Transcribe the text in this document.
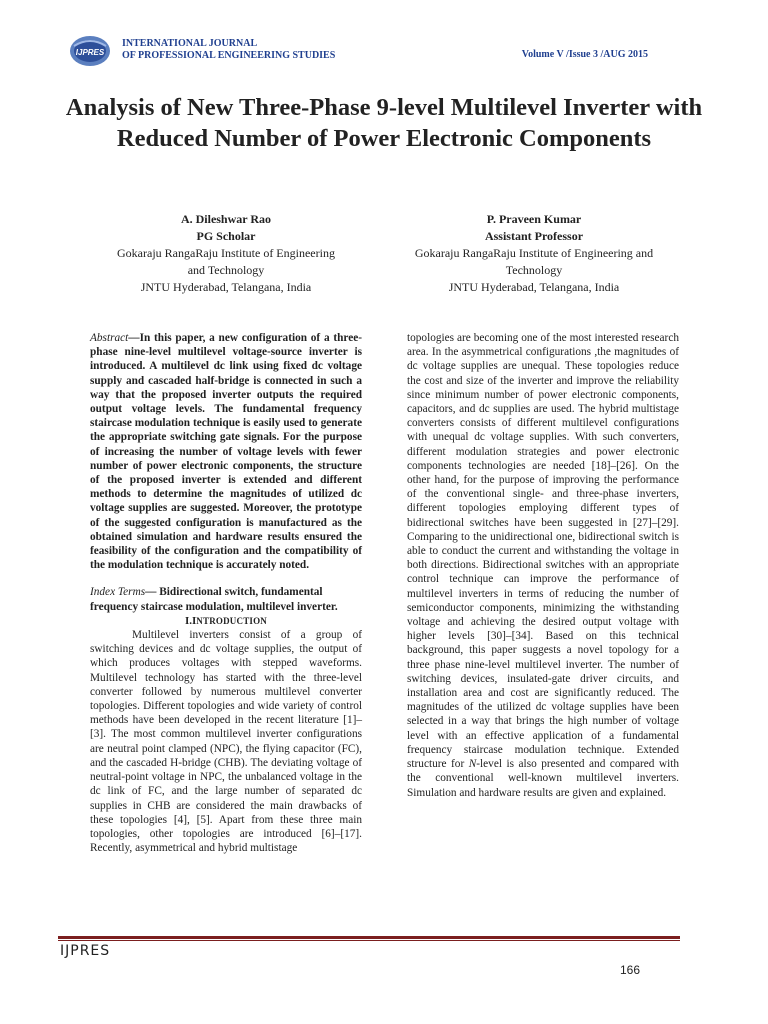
IJPRES
INTERNATIONAL JOURNAL
OF PROFESSIONAL ENGINEERING STUDIES	Volume V /Issue 3 /AUG 2015
Analysis of New Three-Phase 9-level Multilevel Inverter with Reduced Number of Power Electronic Components
A. Dileshwar Rao
PG Scholar
Gokaraju RangaRaju Institute of Engineering
and Technology
JNTU Hyderabad, Telangana, India
P. Praveen Kumar
Assistant Professor
Gokaraju RangaRaju Institute of Engineering and
Technology
JNTU Hyderabad, Telangana, India

Abstract—In this paper, a new configuration of a three-phase nine-level multilevel voltage-source inverter is introduced. A multilevel dc link using fixed dc voltage supply and cascaded half-bridge is connected in such a way that the proposed inverter outputs the required output voltage levels. The fundamental frequency staircase modulation technique is easily used to generate the appropriate switching gate signals. For the purpose of increasing the number of voltage levels with fewer number of power electronic components, the structure of the proposed inverter is extended and different methods to determine the magnitudes of utilized dc voltage supplies are suggested. Moreover, the prototype of the suggested configuration is manufactured as the obtained simulation and hardware results ensured the feasibility of the configuration and the compatibility of the modulation technique is accurately noted.

Index Terms— Bidirectional switch, fundamental frequency staircase modulation, multilevel inverter.

I.INTRODUCTION

Multilevel inverters consist of a group of switching devices and dc voltage supplies, the output of which produces voltages with stepped waveforms. Multilevel technology has started with the three-level converter followed by numerous multilevel converter topologies. Different topologies and wide variety of control methods have been developed in the recent literature [1]–[3]. The most common multilevel inverter configurations are neutral point clamped (NPC), the flying capacitor (FC), and the cascaded H-bridge (CHB). The deviating voltage of neutral-point voltage in NPC, the unbalanced voltage in the dc link of FC, and the large number of separated dc supplies in CHB are considered the main drawbacks of these topologies [4], [5]. Apart from these three main topologies, other topologies are introduced [6]–[17]. Recently, asymmetrical and hybrid multistage

topologies are becoming one of the most interested research area. In the asymmetrical configurations ,the magnitudes of dc voltage supplies are unequal. These topologies reduce the cost and size of the inverter and improve the reliability since minimum number of power electronic components, capacitors, and dc supplies are used. The hybrid multistage converters consists of different multilevel configurations with unequal dc voltage supplies. With such converters, different modulation strategies and power electronic components technologies are needed [18]–[26]. On the other hand, for the purpose of improving the performance of the conventional single- and three-phase inverters, different topologies employing different types of bidirectional switches have been suggested in [27]–[29]. Comparing to the unidirectional one, bidirectional switch is able to conduct the current and withstanding the voltage in both directions. Bidirectional switches with an appropriate control technique can improve the performance of multilevel inverters in terms of reducing the number of semiconductor components, minimizing the withstanding voltage and achieving the desired output voltage with higher levels [30]–[34]. Based on this technical background, this paper suggests a novel topology for a three phase nine-level multilevel inverter. The number of switching devices, insulated-gate driver circuits, and installation area and cost are significantly reduced. The magnitudes of the utilized dc voltage supplies have been selected in a way that brings the high number of voltage level with an effective application of a fundamental frequency staircase modulation technique. Extended structure for N-level is also presented and compared with the conventional well-known multilevel inverters. Simulation and hardware results are given and explained.

IJPRES
166
